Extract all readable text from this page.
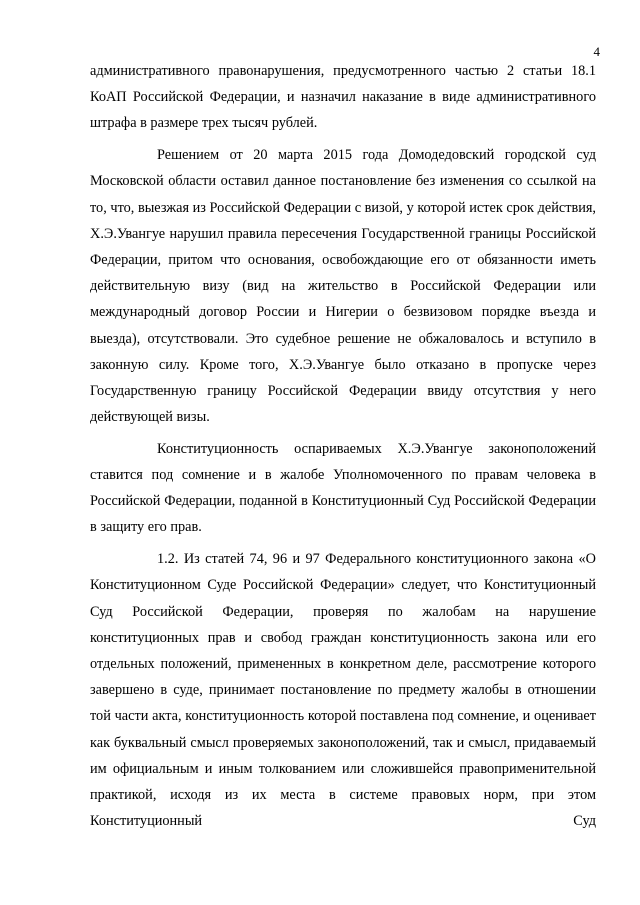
4

административного правонарушения, предусмотренного частью 2 статьи 18.1 КоАП Российской Федерации, и назначил наказание в виде административного штрафа в размере трех тысяч рублей.

Решением от 20 марта 2015 года Домодедовский городской суд Московской области оставил данное постановление без изменения со ссылкой на то, что, выезжая из Российской Федерации с визой, у которой истек срок действия, Х.Э.Увангуе нарушил правила пересечения Государственной границы Российской Федерации, притом что основания, освобождающие его от обязанности иметь действительную визу (вид на жительство в Российской Федерации или международный договор России и Нигерии о безвизовом порядке въезда и выезда), отсутствовали. Это судебное решение не обжаловалось и вступило в законную силу. Кроме того, Х.Э.Увангуе было отказано в пропуске через Государственную границу Российской Федерации ввиду отсутствия у него действующей визы.

Конституционность оспариваемых Х.Э.Увангуе законоположений ставится под сомнение и в жалобе Уполномоченного по правам человека в Российской Федерации, поданной в Конституционный Суд Российской Федерации в защиту его прав.

1.2. Из статей 74, 96 и 97 Федерального конституционного закона «О Конституционном Суде Российской Федерации» следует, что Конституционный Суд Российской Федерации, проверяя по жалобам на нарушение конституционных прав и свобод граждан конституционность закона или его отдельных положений, примененных в конкретном деле, рассмотрение которого завершено в суде, принимает постановление по предмету жалобы в отношении той части акта, конституционность которой поставлена под сомнение, и оценивает как буквальный смысл проверяемых законоположений, так и смысл, придаваемый им официальным и иным толкованием или сложившейся правоприменительной практикой, исходя из их места в системе правовых норм, при этом Конституционный Суд
